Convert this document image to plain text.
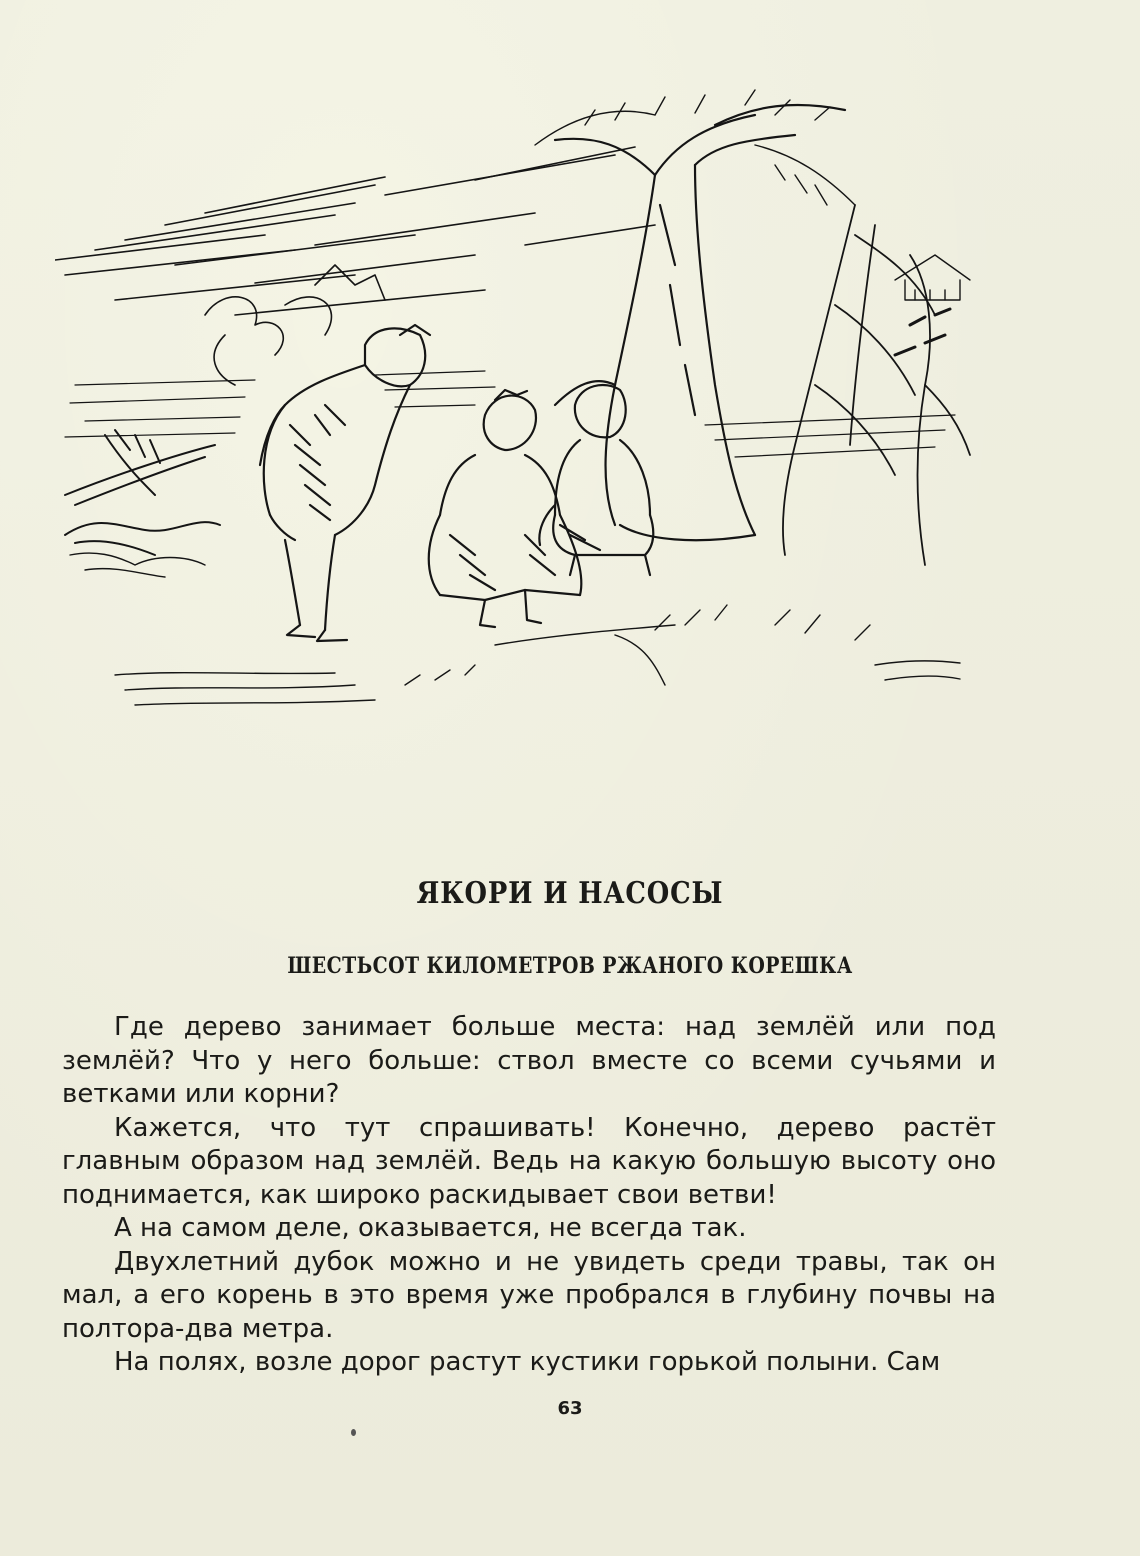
ЯКОРИ И НАСОСЫ
ШЕСТЬСОТ КИЛОМЕТРОВ РЖАНОГО КОРЕШКА

Где дерево занимает больше места: над землёй или под землёй? Что у него больше: ствол вместе со всеми сучьями и ветками или корни?

Кажется, что тут спрашивать! Конечно, дерево растёт главным образом над землёй. Ведь на какую большую высоту оно поднимается, как широко раскидывает свои ветви!

А на самом деле, оказывается, не всегда так.

Двухлетний дубок можно и не увидеть среди травы, так он мал, а его корень в это время уже пробрался в глубину почвы на полтора-два метра.

На полях, возле дорог растут кустики горькой полыни. Сам

63
